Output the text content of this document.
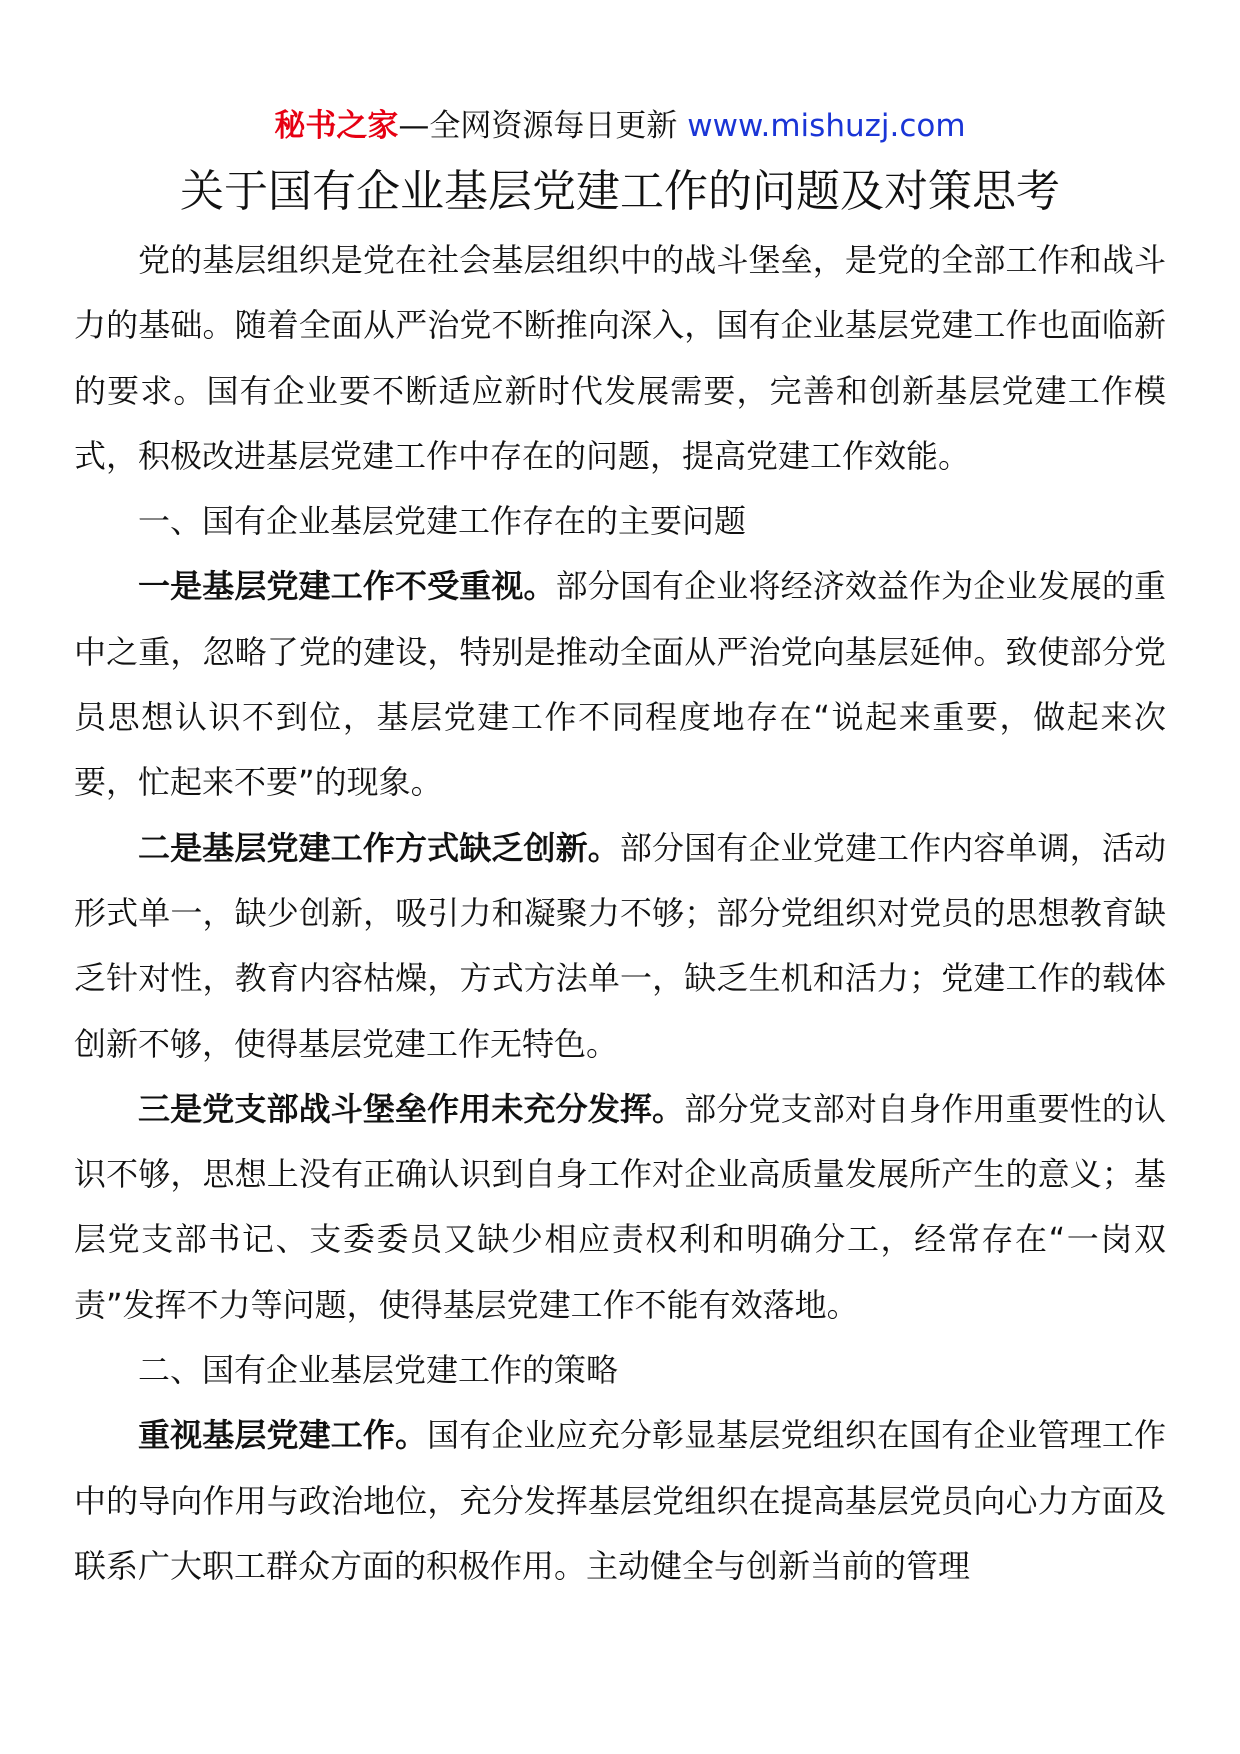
秘书之家—全网资源每日更新 www.mishuzj.com
关于国有企业基层党建工作的问题及对策思考

党的基层组织是党在社会基层组织中的战斗堡垒，是党的全部工作和战斗力的基础。随着全面从严治党不断推向深入，国有企业基层党建工作也面临新的要求。国有企业要不断适应新时代发展需要，完善和创新基层党建工作模式，积极改进基层党建工作中存在的问题，提高党建工作效能。

一、国有企业基层党建工作存在的主要问题

一是基层党建工作不受重视。部分国有企业将经济效益作为企业发展的重中之重，忽略了党的建设，特别是推动全面从严治党向基层延伸。致使部分党员思想认识不到位，基层党建工作不同程度地存在“说起来重要，做起来次要，忙起来不要”的现象。

二是基层党建工作方式缺乏创新。部分国有企业党建工作内容单调，活动形式单一，缺少创新，吸引力和凝聚力不够；部分党组织对党员的思想教育缺乏针对性，教育内容枯燥，方式方法单一，缺乏生机和活力；党建工作的载体创新不够，使得基层党建工作无特色。

三是党支部战斗堡垒作用未充分发挥。部分党支部对自身作用重要性的认识不够，思想上没有正确认识到自身工作对企业高质量发展所产生的意义；基层党支部书记、支委委员又缺少相应责权利和明确分工，经常存在“一岗双责”发挥不力等问题，使得基层党建工作不能有效落地。

二、国有企业基层党建工作的策略

重视基层党建工作。国有企业应充分彰显基层党组织在国有企业管理工作中的导向作用与政治地位，充分发挥基层党组织在提高基层党员向心力方面及联系广大职工群众方面的积极作用。主动健全与创新当前的管理
